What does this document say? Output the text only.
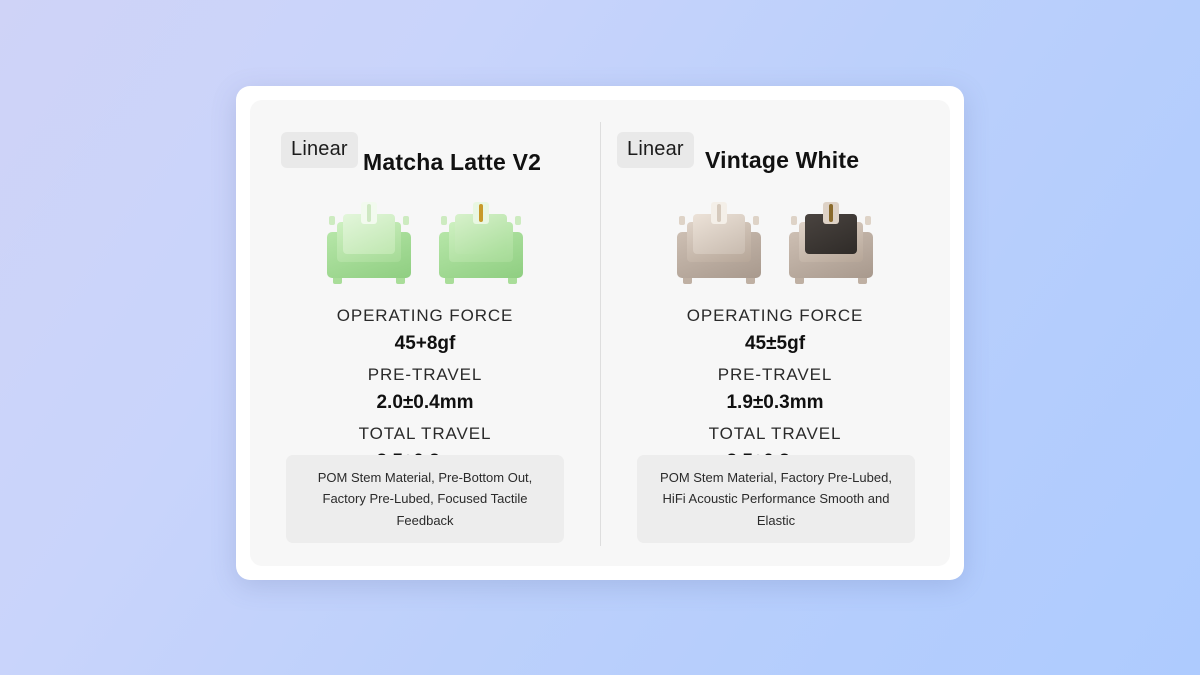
Linear Matcha Latte V2
OPERATING FORCE
45+8gf
PRE-TRAVEL
2.0±0.4mm
TOTAL TRAVEL
POM Stem Material, Pre-Bottom Out, Factory Pre-Lubed, Focused Tactile Feedback
Linear Vintage White
OPERATING FORCE
45±5gf
PRE-TRAVEL
1.9±0.3mm
TOTAL TRAVEL
POM Stem Material, Factory Pre-Lubed, HiFi Acoustic Performance Smooth and Elastic
